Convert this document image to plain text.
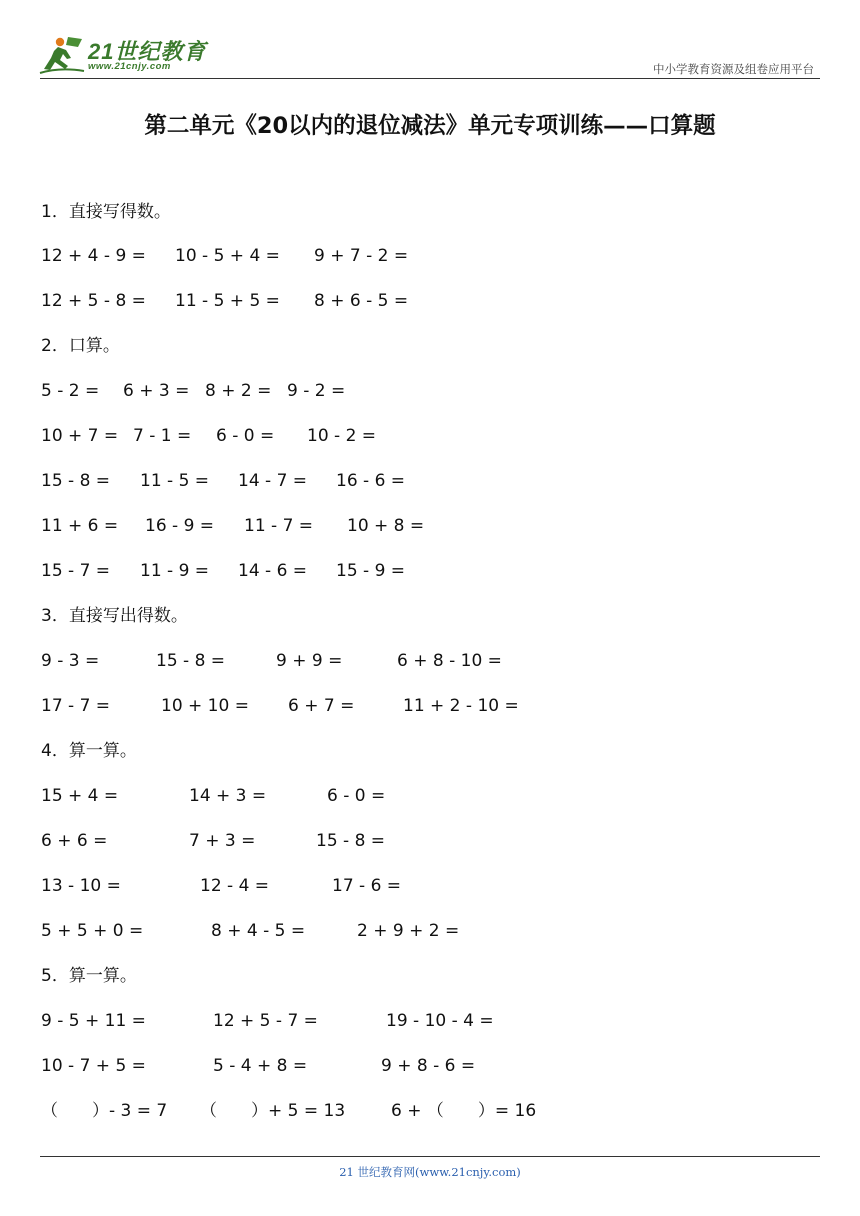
21世纪教育
www.21cnjy.com	中小学教育资源及组卷应用平台
第二单元《20以内的退位减法》单元专项训练——口算题
1．直接写得数。
12 + 4 - 9 = 10 - 5 + 4 = 9 + 7 - 2 =
12 + 5 - 8 = 11 - 5 + 5 = 8 + 6 - 5 =
2．口算。
5 - 2 = 6 + 3 = 8 + 2 = 9 - 2 =
10 + 7 = 7 - 1 = 6 - 0 = 10 - 2 =
15 - 8 = 11 - 5 = 14 - 7 = 16 - 6 =
11 + 6 = 16 - 9 = 11 - 7 = 10 + 8 =
15 - 7 = 11 - 9 = 14 - 6 = 15 - 9 =
3．直接写出得数。
9 - 3 =	15 - 8 =	9 + 9 =	6 + 8 - 10 =
17 - 7 =	10 + 10 = 6 + 7 =	11 + 2 - 10 =
4．算一算。
15 + 4 =	14 + 3 =	6 - 0 =
6 + 6 =	7 + 3 =	15 - 8 =
13 - 10 =	12 - 4 =	17 - 6 =
5 + 5 + 0 =	8 + 4 - 5 =	2 + 9 + 2 =
5．算一算。
9 - 5 + 11 =	12 + 5 - 7 =	19 - 10 - 4 =
10 - 7 + 5 =	5 - 4 + 8 =	9 + 8 - 6 =
（　　）- 3 = 7 （　　）+ 5 = 13	6 + （　　）= 16
21 世纪教育网(www.21cnjy.com)
